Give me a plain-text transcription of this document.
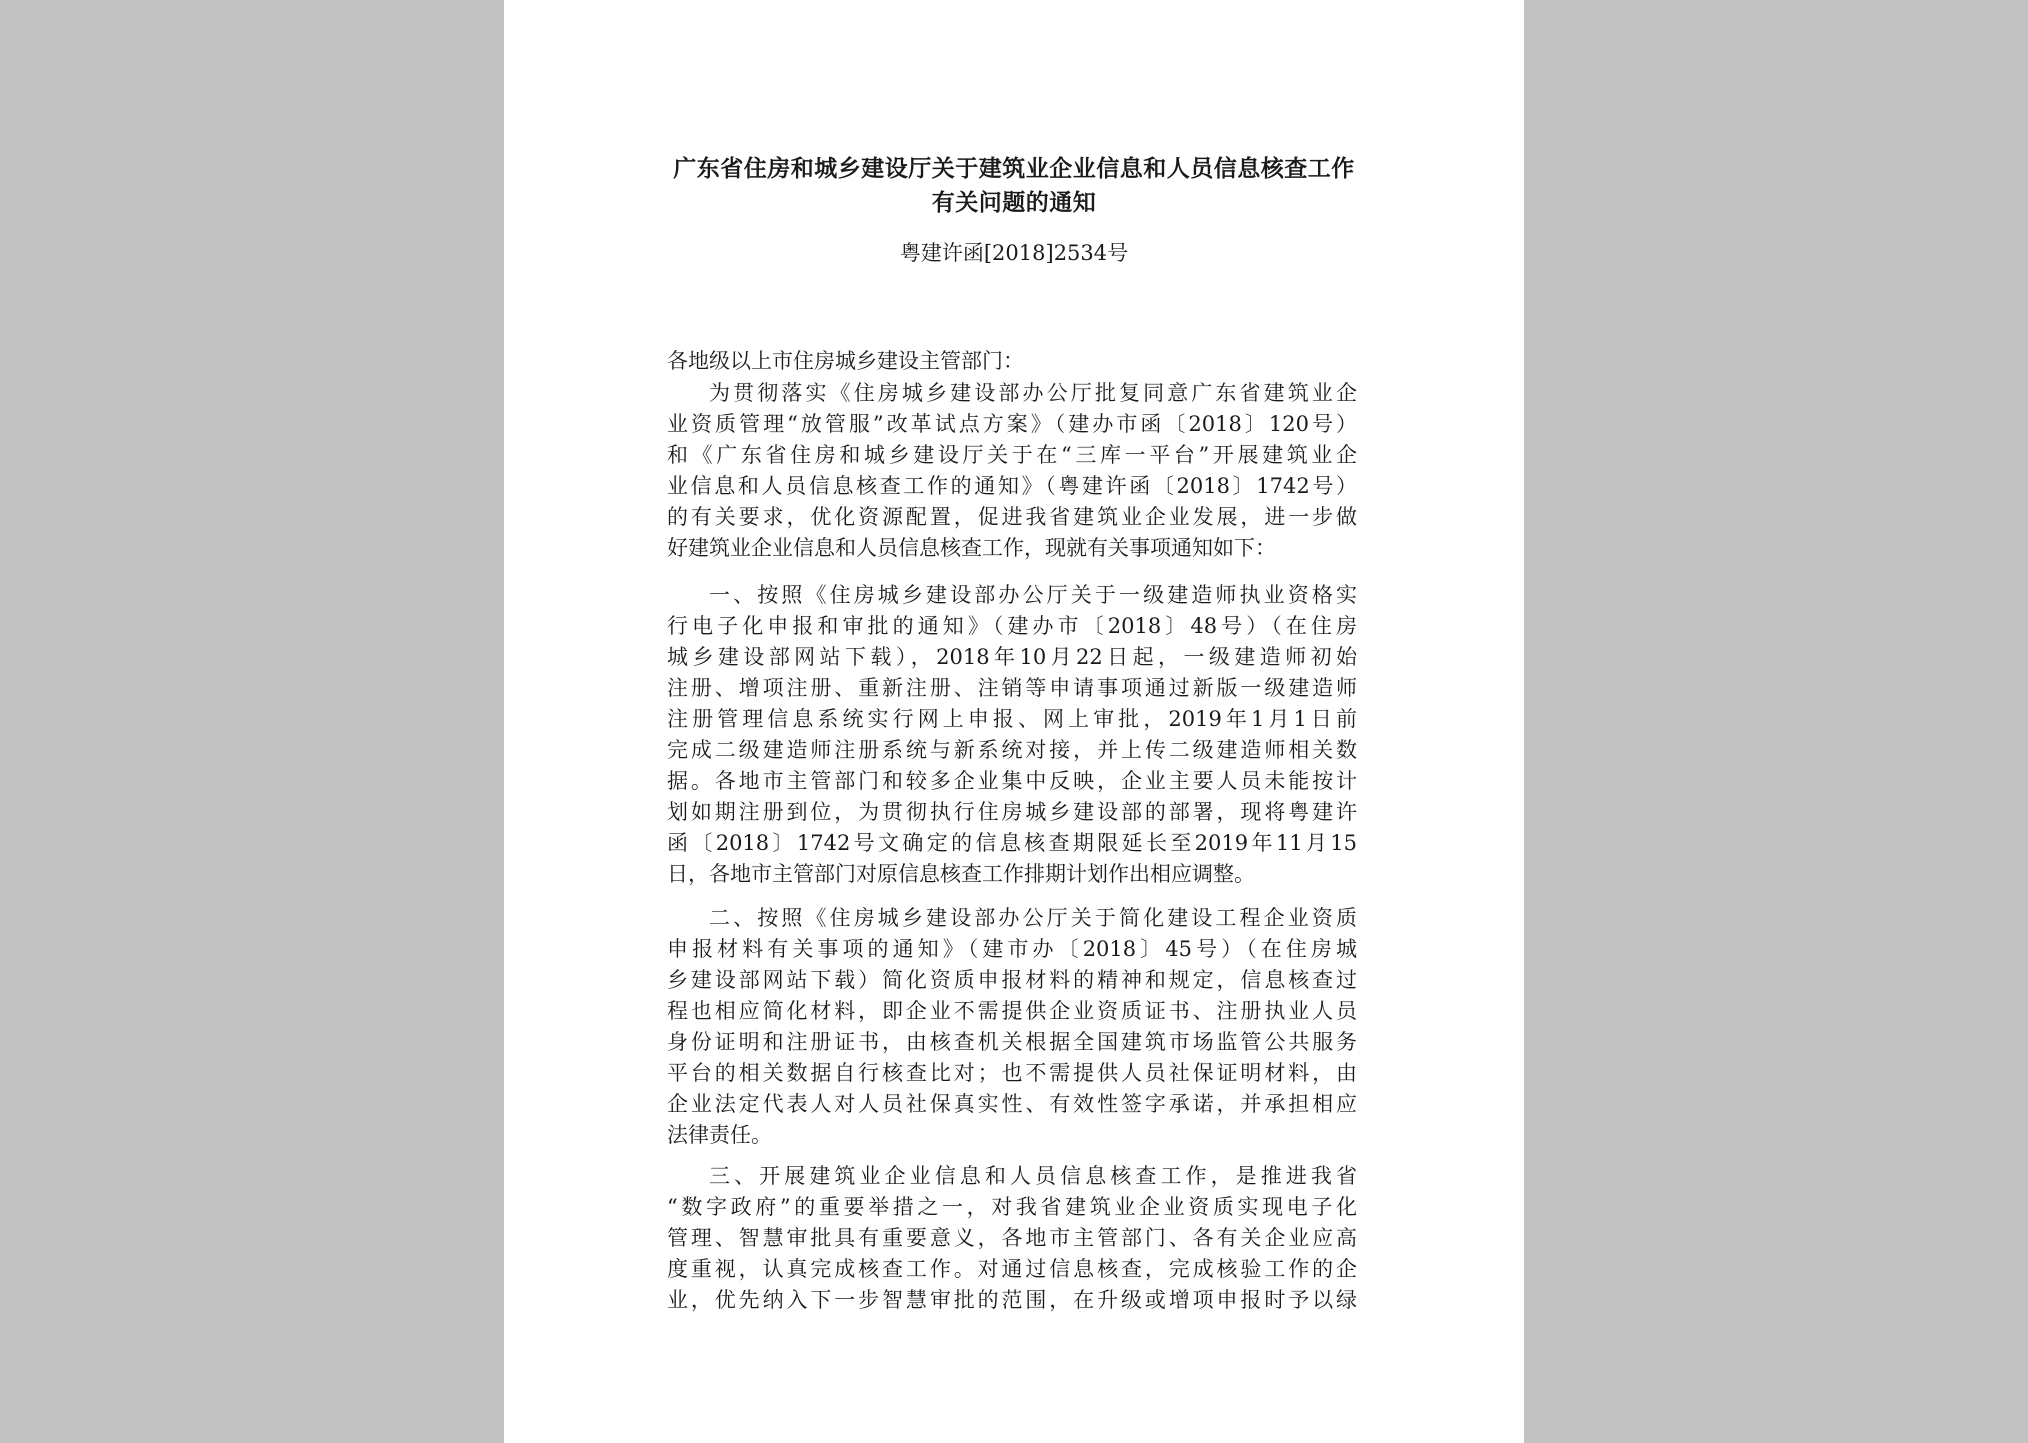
广东省住房和城乡建设厅关于建筑业企业信息和人员信息核查工作
有关问题的通知
粤建许函[2018]2534号

各地级以上市住房城乡建设主管部门：

为贯彻落实《住房城乡建设部办公厅批复同意广东省建筑业企
业资质管理“放管服”改革试点方案》（建办市函〔2018〕120号）
和《广东省住房和城乡建设厅关于在“三库一平台”开展建筑业企
业信息和人员信息核查工作的通知》（粤建许函〔2018〕1742号）
的有关要求，优化资源配置，促进我省建筑业企业发展，进一步做
好建筑业企业信息和人员信息核查工作，现就有关事项通知如下：

一、按照《住房城乡建设部办公厅关于一级建造师执业资格实
行电子化申报和审批的通知》（建办市〔2018〕48号）（在住房
城乡建设部网站下载），2018年10月22日起，一级建造师初始
注册、增项注册、重新注册、注销等申请事项通过新版一级建造师
注册管理信息系统实行网上申报、网上审批，2019年1月1日前
完成二级建造师注册系统与新系统对接，并上传二级建造师相关数
据。各地市主管部门和较多企业集中反映，企业主要人员未能按计
划如期注册到位，为贯彻执行住房城乡建设部的部署，现将粤建许
函〔2018〕1742号文确定的信息核查期限延长至2019年11月15
日，各地市主管部门对原信息核查工作排期计划作出相应调整。

二、按照《住房城乡建设部办公厅关于简化建设工程企业资质
申报材料有关事项的通知》（建市办〔2018〕45号）（在住房城
乡建设部网站下载）简化资质申报材料的精神和规定，信息核查过
程也相应简化材料，即企业不需提供企业资质证书、注册执业人员
身份证明和注册证书，由核查机关根据全国建筑市场监管公共服务
平台的相关数据自行核查比对；也不需提供人员社保证明材料，由
企业法定代表人对人员社保真实性、有效性签字承诺，并承担相应
法律责任。

三、开展建筑业企业信息和人员信息核查工作，是推进我省
“数字政府”的重要举措之一，对我省建筑业企业资质实现电子化
管理、智慧审批具有重要意义，各地市主管部门、各有关企业应高
度重视，认真完成核查工作。对通过信息核查，完成核验工作的企
业，优先纳入下一步智慧审批的范围，在升级或增项申报时予以绿
